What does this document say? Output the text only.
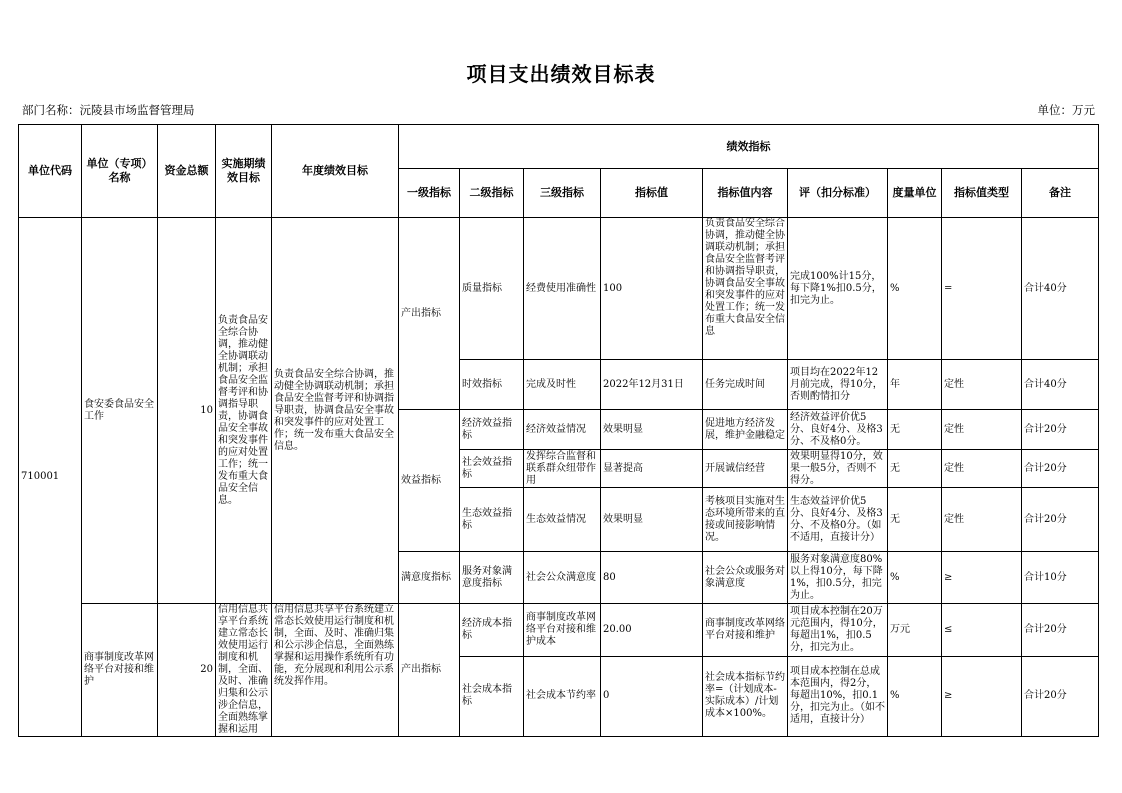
项目支出绩效目标表
部门名称：沅陵县市场监督管理局	单位：万元
单位代码	单位（专项）名称	资金总额	实施期绩效目标	年度绩效目标	绩效指标								
					一级指标	二级指标	三级指标	指标值	指标值内容	评（扣分标准）	度量单位	指标值类型	备注
710001	食安委食品安全工作	10	负责食品安全综合协调，推动健全协调联动机制；承担食品安全监督考评和协调指导职责，协调食品安全事故和突发事件的应对处置工作；统一发布重大食品安全信息。	负责食品安全综合协调，推动健全协调联动机制；承担食品安全监督考评和协调指导职责，协调食品安全事故和突发事件的应对处置工作；统一发布重大食品安全信息。	产出指标	质量指标	经费使用准确性	100	负责食品安全综合协调，推动健全协调联动机制；承担食品安全监督考评和协调指导职责，协调食品安全事故和突发事件的应对处置工作；统一发布重大食品安全信息	完成100%计15分，每下降1%扣0.5分，扣完为止。	%	=	合计40分
						时效指标	完成及时性	2022年12月31日	任务完成时间	项目均在2022年12月前完成，得10分，否则酌情扣分	年	定性	合计40分
					效益指标	经济效益指标	经济效益情况	效果明显	促进地方经济发展，维护金融稳定	经济效益评价优5分、良好4分、及格3分、不及格0分。	无	定性	合计20分
						社会效益指标	发挥综合监督和联系群众纽带作用	显著提高	开展诚信经营	效果明显得10分，效果一般5分，否则不得分。	无	定性	合计20分
						生态效益指标	生态效益情况	效果明显	考核项目实施对生态环境所带来的直接或间接影响情况。	生态效益评价优5分、良好4分、及格3分、不及格0分。（如不适用，直接计分）	无	定性	合计20分
					满意度指标	服务对象满意度指标	社会公众满意度	80	社会公众或服务对象满意度	服务对象满意度80%以上得10分，每下降1%，扣0.5分，扣完为止。	%	≥	合计10分
	商事制度改革网络平台对接和维护	20	信用信息共享平台系统建立常态长效使用运行制度和机制，全面、及时、准确归集和公示涉企信息，全面熟练掌握和运用	信用信息共享平台系统建立常态长效使用运行制度和机制，全面、及时、准确归集和公示涉企信息，全面熟练掌握和运用操作系统所有功能，充分展现和利用公示系统发挥作用。	产出指标	经济成本指标	商事制度改革网络平台对接和维护成本	20.00	商事制度改革网络平台对接和维护	项目成本控制在20万元范围内，得10分，每超出1%，扣0.5分，扣完为止。	万元	≤	合计20分
						社会成本指标	社会成本节约率	0	社会成本指标节约率=（计划成本-实际成本）/计划成本×100%。	项目成本控制在总成本范围内，得2分，每超出10%，扣0.1分，扣完为止。（如不适用，直接计分）	%	≥	合计20分
